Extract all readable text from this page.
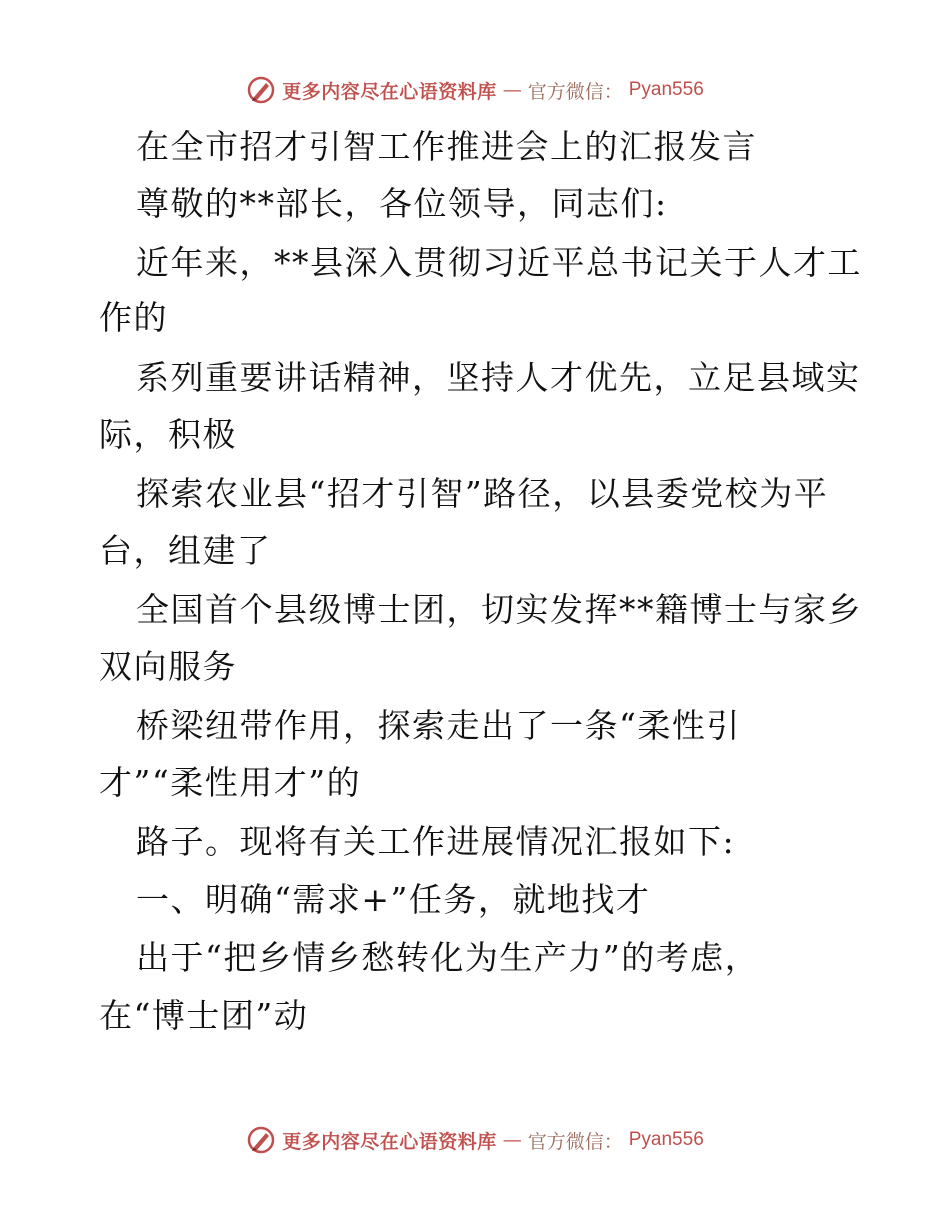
更多内容尽在心语资料库 — 官方微信： Pyan556
在全市招才引智工作推进会上的汇报发言
尊敬的**部长，各位领导，同志们:
近年来，**县深入贯彻习近平总书记关于人才工
作的
系列重要讲话精神，坚持人才优先，立足县域实
际，积极
探索农业县“招才引智”路径，以县委党校为平
台，组建了
全国首个县级博士团，切实发挥**籍博士与家乡
双向服务
桥梁纽带作用，探索走出了一条“柔性引
才”“柔性用才”的
路子。现将有关工作进展情况汇报如下:
一、明确“需求+”任务，就地找才
出于“把乡情乡愁转化为生产力”的考虑，
在“博士团”动
更多内容尽在心语资料库 — 官方微信： Pyan556
